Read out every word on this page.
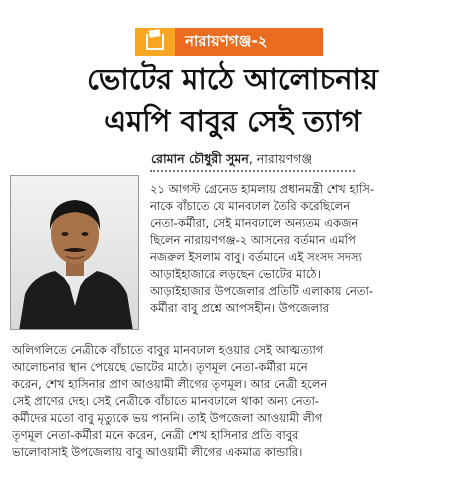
নারায়ণগঞ্জ-২
ভোটের মাঠে আলোচনায়
এমপি বাবুর সেই ত্যাগ
রোমান চৌধুরী সুমন, নারায়ণগঞ্জ
২১ আগস্ট গ্রেনেড হামলায় প্রধানমন্ত্রী শেখ হাসি-
নাকে বাঁচাতে যে মানবঢাল তৈরি করেছিলেন
নেতা-কর্মীরা, সেই মানবঢালে অন্যতম একজন
ছিলেন নারায়ণগঞ্জ-২ আসনের বর্তমান এমপি
নজরুল ইসলাম বাবু। বর্তমানে এই সংসদ সদস্য
আড়াইহাজারে লড়ছেন ভোটের মাঠে।
আড়াইহাজার উপজেলার প্রতিটি এলাকায় নেতা-
কর্মীরা বাবু প্রশ্নে আপসহীন। উপজেলার
অলিগলিতে নেত্রীকে বাঁচাতে বাবুর মানবঢাল হওয়ার সেই আত্মত্যাগ
আলোচনার স্থান পেয়েছে ভোটের মাঠে। তৃণমূল নেতা-কর্মীরা মনে
করেন, শেখ হাসিনার প্রাণ আওয়ামী লীগের তৃণমূল। আর নেত্রী হলেন
সেই প্রাণের দেহ। সেই নেত্রীকে বাঁচাতে মানবঢালে থাকা অন্য নেতা-
কর্মীদের মতো বাবু মৃত্যুকে ভয় পাননি। তাই উপজেলা আওয়ামী লীগ
তৃণমূল নেতা-কর্মীরা মনে করেন, নেত্রী শেখ হাসিনার প্রতি বাবুর
ভালোবাসাই উপজেলায় বাবু আওয়ামী লীগের একমাত্র কান্ডারি।
